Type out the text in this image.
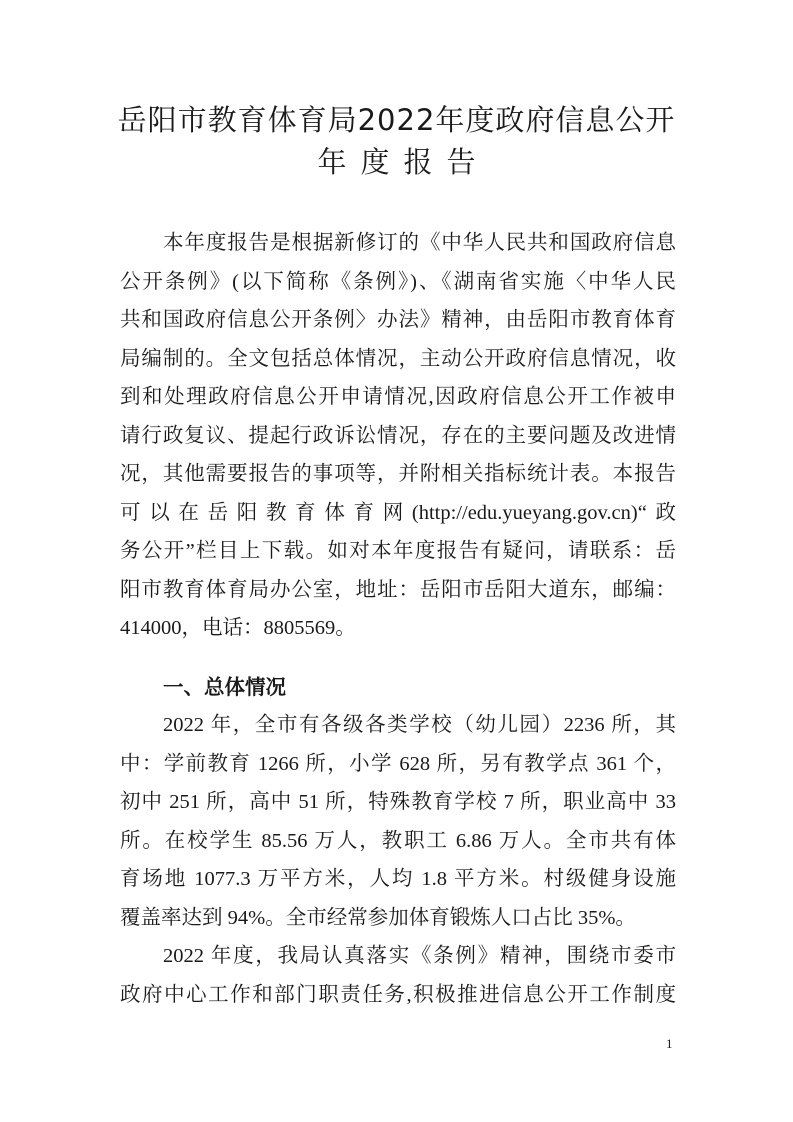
岳阳市教育体育局2022年度政府信息公开
年度报告
本年度报告是根据新修订的《中华人民共和国政府信息
公开条例》(以下简称《条例》)、《湖南省实施〈中华人民
共和国政府信息公开条例〉办法》精神，由岳阳市教育体育
局编制的。全文包括总体情况，主动公开政府信息情况，收
到和处理政府信息公开申请情况,因政府信息公开工作被申
请行政复议、提起行政诉讼情况，存在的主要问题及改进情
况，其他需要报告的事项等，并附相关指标统计表。本报告
可以在岳阳教育体育网(http://edu.yueyang.gov.cn)“政
务公开”栏目上下载。如对本年度报告有疑问，请联系：岳
阳市教育体育局办公室，地址：岳阳市岳阳大道东，邮编：
414000，电话：8805569。
一、总体情况
2022 年，全市有各级各类学校（幼儿园）2236 所，其
中：学前教育 1266 所，小学 628 所，另有教学点 361 个，
初中 251 所，高中 51 所，特殊教育学校 7 所，职业高中 33
所。在校学生 85.56 万人，教职工 6.86 万人。全市共有体
育场地 1077.3 万平方米，人均 1.8 平方米。村级健身设施
覆盖率达到 94%。全市经常参加体育锻炼人口占比 35%。
2022 年度，我局认真落实《条例》精神，围绕市委市
政府中心工作和部门职责任务,积极推进信息公开工作制度
1
